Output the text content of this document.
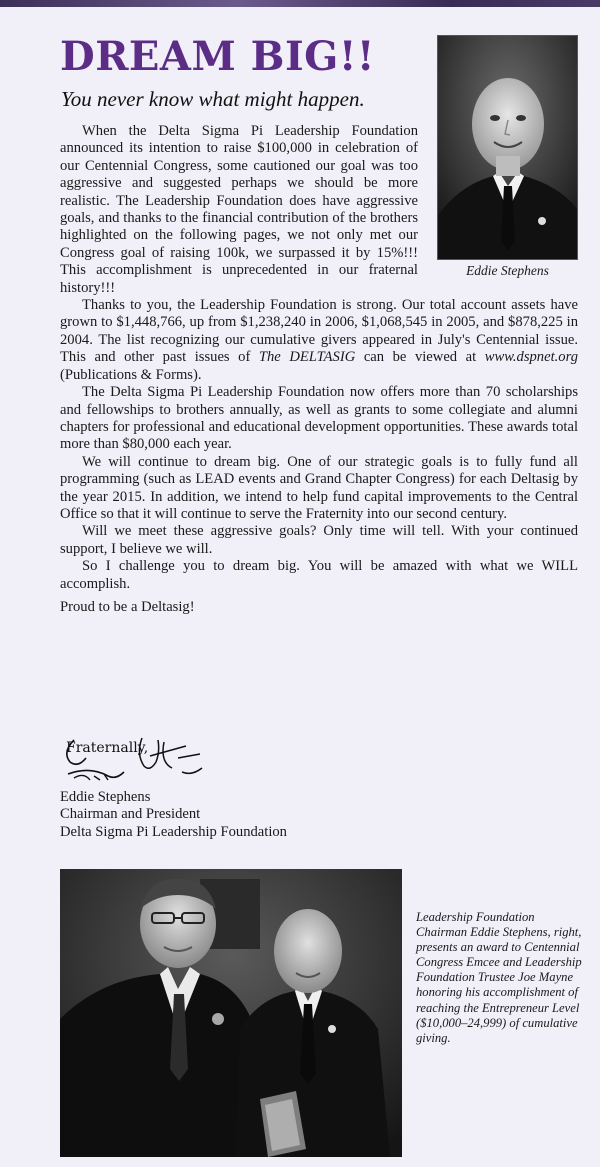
DREAM BIG!!
You never know what might happen.
Eddie Stephens

When the Delta Sigma Pi Leadership Foundation announced its intention to raise $100,000 in celebration of our Centennial Congress, some cautioned our goal was too aggressive and suggested perhaps we should be more realistic. The Leadership Foundation does have aggressive goals, and thanks to the financial contribution of the brothers highlighted on the following pages, we not only met our Congress goal of raising 100k, we surpassed it by 15%!!! This accomplishment is unprecedented in our fraternal history!!!

Thanks to you, the Leadership Foundation is strong. Our total account assets have grown to $1,448,766, up from $1,238,240 in 2006, $1,068,545 in 2005, and $878,225 in 2004. The list recognizing our cumulative givers appeared in July's Centennial issue. This and other past issues of The DELTASIG can be viewed at www.dspnet.org (Publications & Forms).

The Delta Sigma Pi Leadership Foundation now offers more than 70 scholarships and fellowships to brothers annually, as well as grants to some collegiate and alumni chapters for professional and educational development opportunities. These awards total more than $80,000 each year.

We will continue to dream big. One of our strategic goals is to fully fund all programming (such as LEAD events and Grand Chapter Congress) for each Deltasig by the year 2015. In addition, we intend to help fund capital improvements to the Central Office so that it will continue to serve the Fraternity into our second century.

Will we meet these aggressive goals? Only time will tell. With your continued support, I believe we will.

So I challenge you to dream big. You will be amazed with what we WILL accomplish.

Proud to be a Deltasig!

Fraternally,
Eddie Stephens
Chairman and President
Delta Sigma Pi Leadership Foundation
Leadership Foundation Chairman Eddie Stephens, right, presents an award to Centennial Congress Emcee and Leadership Foundation Trustee Joe Mayne honoring his accomplishment of reaching the Entrepreneur Level ($10,000–24,999) of cumulative giving.
